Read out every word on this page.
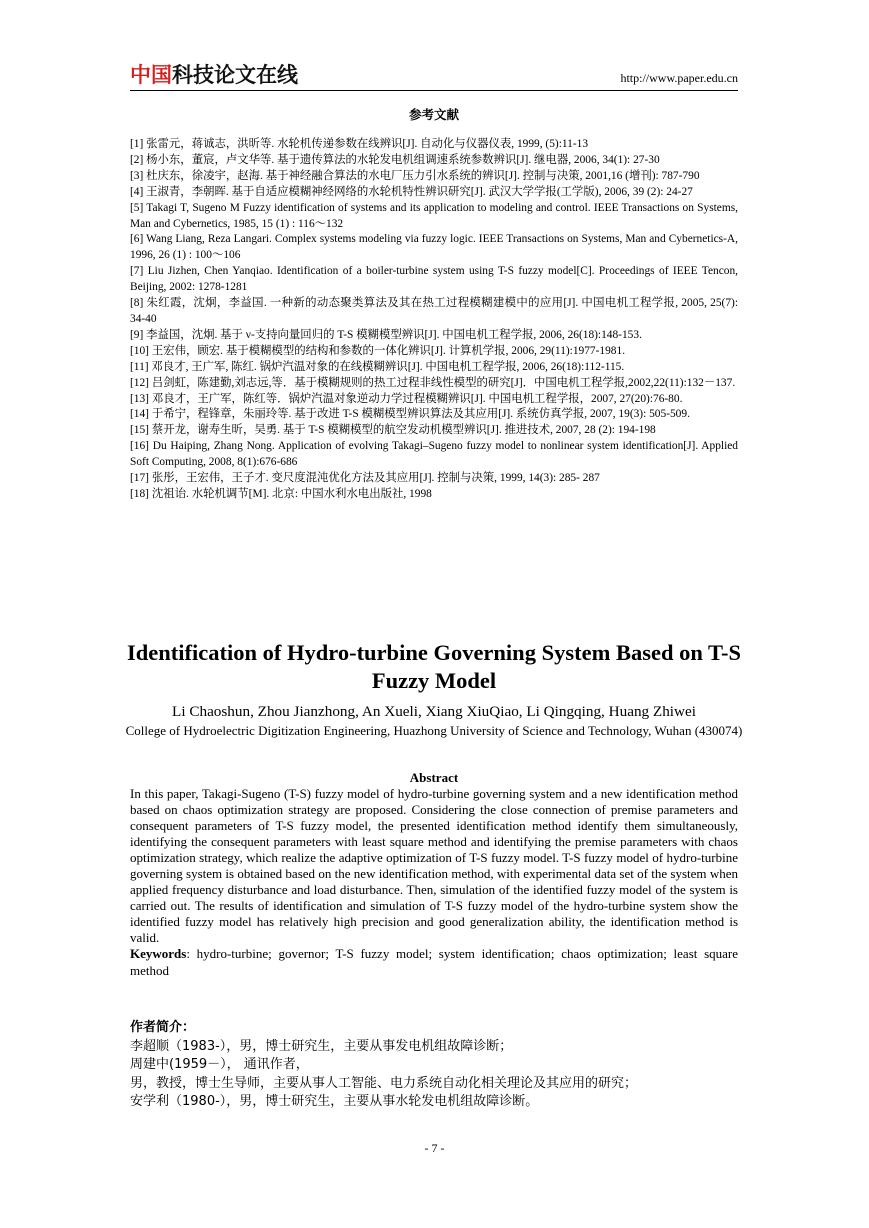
中国科技论文在线	http://www.paper.edu.cn
参考文献

[1] 张雷元，蒋诚志，洪昕等. 水轮机传递参数在线辨识[J]. 自动化与仪器仪表, 1999, (5):11-13

[2] 杨小东，董宸，卢文华等. 基于遗传算法的水轮发电机组调速系统参数辨识[J]. 继电器, 2006, 34(1): 27-30

[3] 杜庆东，徐凌宇，赵海. 基于神经融合算法的水电厂压力引水系统的辨识[J]. 控制与决策, 2001,16 (增刊): 787-790

[4] 王淑青，李朝晖. 基于自适应模糊神经网络的水轮机特性辨识研究[J]. 武汉大学学报(工学版), 2006, 39 (2): 24-27

[5] Takagi T, Sugeno M Fuzzy identification of systems and its application to modeling and control. IEEE Transactions on Systems, Man and Cybernetics, 1985, 15 (1) : 116～132

[6] Wang Liang, Reza Langari. Complex systems modeling via fuzzy logic. IEEE Transactions on Systems, Man and Cybernetics-A, 1996, 26 (1) : 100～106

[7] Liu Jizhen, Chen Yanqiao. Identification of a boiler-turbine system using T-S fuzzy model[C]. Proceedings of IEEE Tencon, Beijing, 2002: 1278-1281

[8] 朱红霞，沈炯，李益国. 一种新的动态聚类算法及其在热工过程模糊建模中的应用[J]. 中国电机工程学报, 2005, 25(7): 34-40

[9] 李益国，沈炯. 基于 ν-支持向量回归的 T-S 模糊模型辨识[J]. 中国电机工程学报, 2006, 26(18):148-153.

[10] 王宏伟，顾宏. 基于模糊模型的结构和参数的一体化辨识[J]. 计算机学报, 2006, 29(11):1977-1981.

[11] 邓良才, 王广军, 陈红. 锅炉汽温对象的在线模糊辨识[J]. 中国电机工程学报, 2006, 26(18):112-115.

[12] 吕剑虹，陈建勤,刘志远,等．基于模糊规则的热工过程非线性模型的研究[J]．中国电机工程学报,2002,22(11):132－137.

[13] 邓良才，王广军，陈红等．锅炉汽温对象逆动力学过程模糊辨识[J]. 中国电机工程学报，2007, 27(20):76-80.

[14] 于希宁，程锋章，朱丽玲等. 基于改进 T-S 模糊模型辨识算法及其应用[J]. 系统仿真学报, 2007, 19(3): 505-509.

[15] 蔡开龙，谢寿生昕，吴勇. 基于 T-S 模糊模型的航空发动机模型辨识[J]. 推进技术, 2007, 28 (2): 194-198

[16] Du Haiping, Zhang Nong. Application of evolving Takagi–Sugeno fuzzy model to nonlinear system identification[J]. Applied Soft Computing, 2008, 8(1):676-686

[17] 张彤，王宏伟，王子才. 变尺度混沌优化方法及其应用[J]. 控制与决策, 1999, 14(3): 285- 287

[18] 沈祖诒. 水轮机调节[M]. 北京: 中国水利水电出版社, 1998

Identification of Hydro-turbine Governing System Based on T-S Fuzzy Model
Li Chaoshun, Zhou Jianzhong, An Xueli, Xiang XiuQiao, Li Qingqing, Huang Zhiwei
College of Hydroelectric Digitization Engineering, Huazhong University of Science and Technology, Wuhan (430074)
Abstract

In this paper, Takagi-Sugeno (T-S) fuzzy model of hydro-turbine governing system and a new identification method based on chaos optimization strategy are proposed. Considering the close connection of premise parameters and consequent parameters of T-S fuzzy model, the presented identification method identify them simultaneously, identifying the consequent parameters with least square method and identifying the premise parameters with chaos optimization strategy, which realize the adaptive optimization of T-S fuzzy model. T-S fuzzy model of hydro-turbine governing system is obtained based on the new identification method, with experimental data set of the system when applied frequency disturbance and load disturbance. Then, simulation of the identified fuzzy model of the system is carried out. The results of identification and simulation of T-S fuzzy model of the hydro-turbine system show the identified fuzzy model has relatively high precision and good generalization ability, the identification method is valid.

Keywords: hydro-turbine; governor; T-S fuzzy model; system identification; chaos optimization; least square method

作者简介：

李超顺（1983-），男，博士研究生，主要从事发电机组故障诊断；

周建中(1959－）， 通讯作者，

男，教授，博士生导师，主要从事人工智能、电力系统自动化相关理论及其应用的研究；

安学利（1980-），男，博士研究生，主要从事水轮发电机组故障诊断。

- 7 -
